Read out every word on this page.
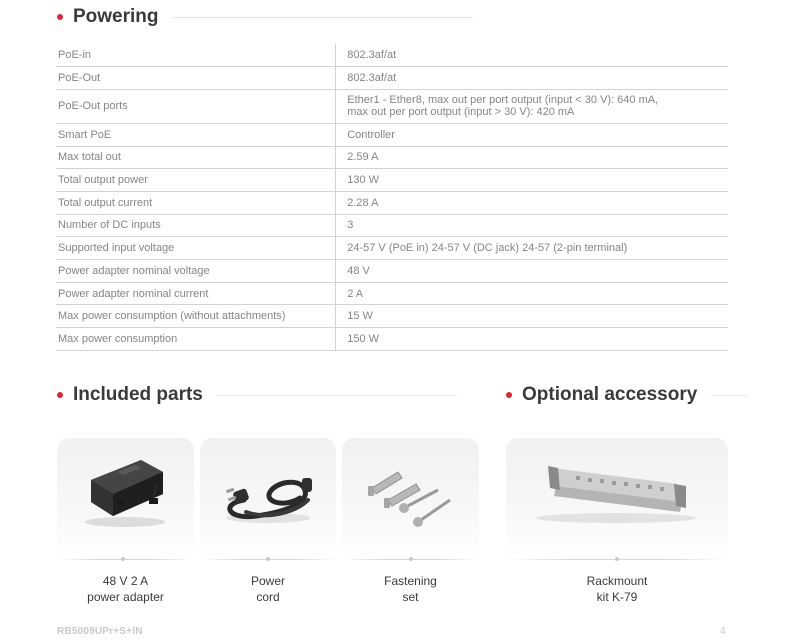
Powering
PoE-in	802.3af/at
PoE-Out	802.3af/at
PoE-Out ports	Ether1 - Ether8, max out per port output (input < 30 V): 640 mA,
max out per port output (input > 30 V): 420 mA
Smart PoE	Controller
Max total out	2.59 A
Total output power	130 W
Total output current	2.28 A
Number of DC inputs	3
Supported input voltage	24-57 V (PoE in) 24-57 V (DC jack) 24-57 (2-pin terminal)
Power adapter nominal voltage	48 V
Power adapter nominal current	2 A
Max power consumption (without attachments)	15 W
Max power consumption	150 W
Included parts	Optional accessory
48 V 2 A
power adapter
Power
cord
Fastening
set
Rackmount
kit K-79
RB5009UPr+S+IN	4
